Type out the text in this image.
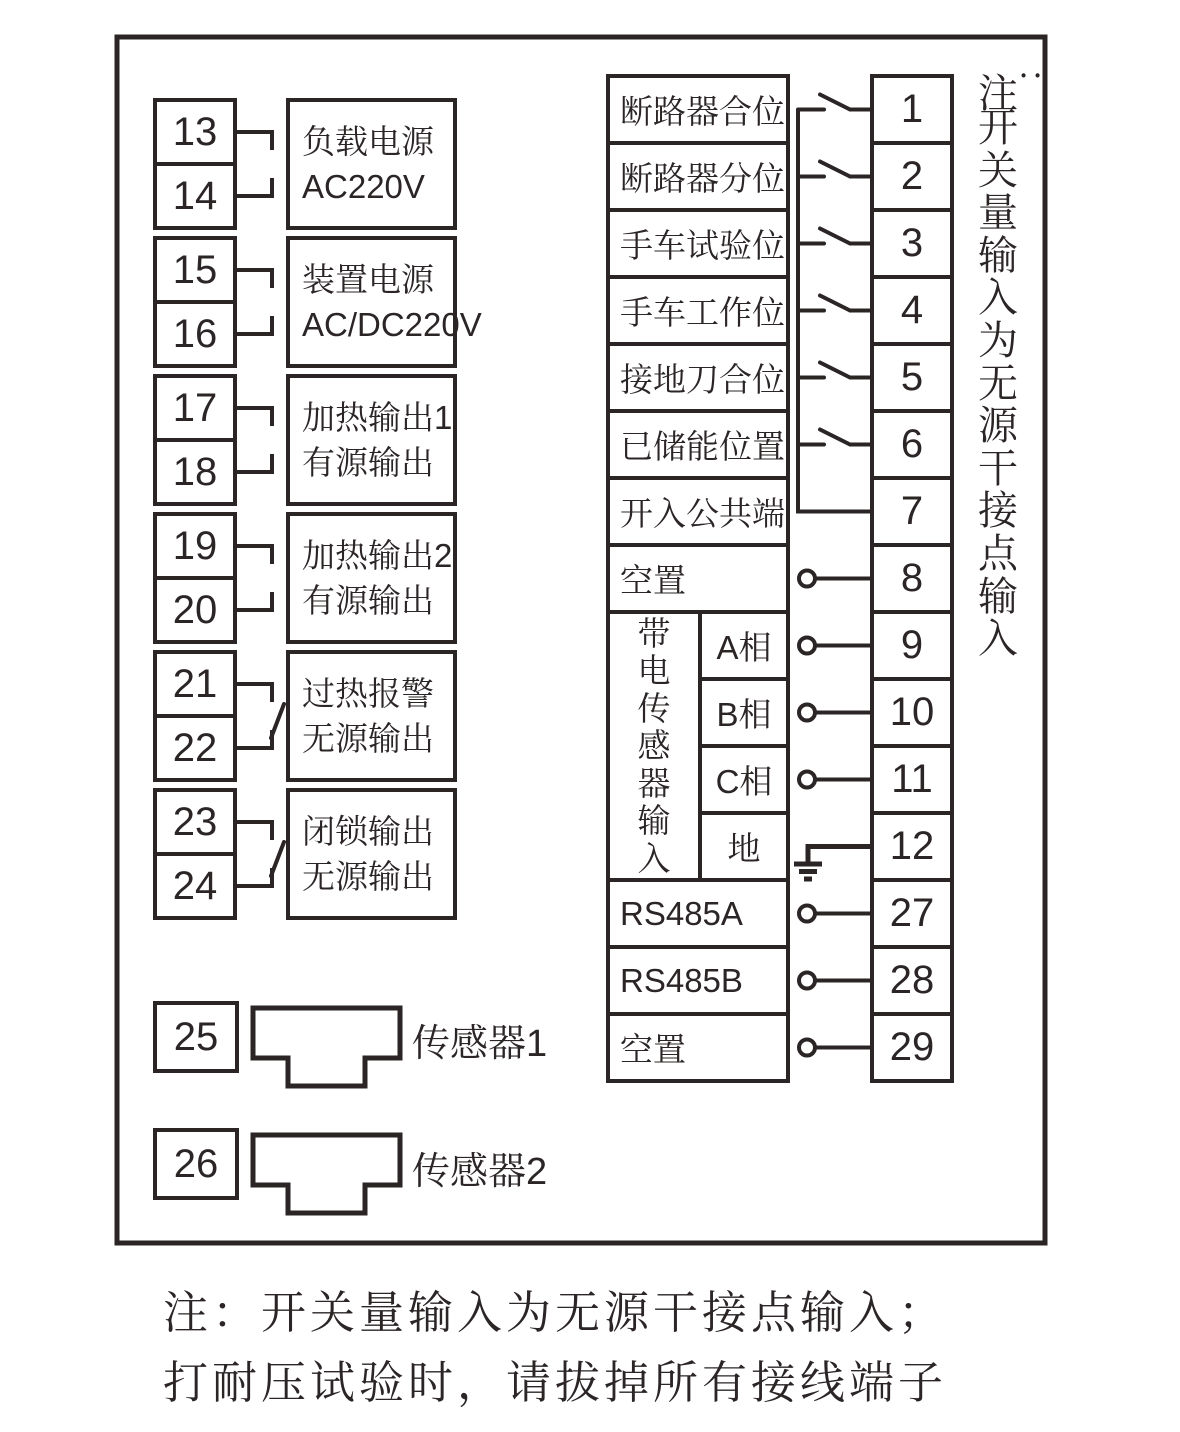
13
14
15
16
17
18
19
20
21
22
23
24
负载电源
AC220V
装置电源
AC/DC220V
加热输出1
有源输出
加热输出2
有源输出
过热报警
无源输出
闭锁输出
无源输出
25	传感器1
26	传感器2
断路器合位
断路器分位
手车试验位
手车工作位
接地刀合位
已储能位置
开入公共端
空置
RS485A
RS485B
空置
带
电
传
感
器
输
入
A相
B相
C相
地
1
2
3
4
5
6
7
8
9
10
11
12
27
28
29
注
：
开
关
量
输
入
为
无
源
干
接
点
输
入
注：开关量输入为无源干接点输入；
打耐压试验时，请拔掉所有接线端子
